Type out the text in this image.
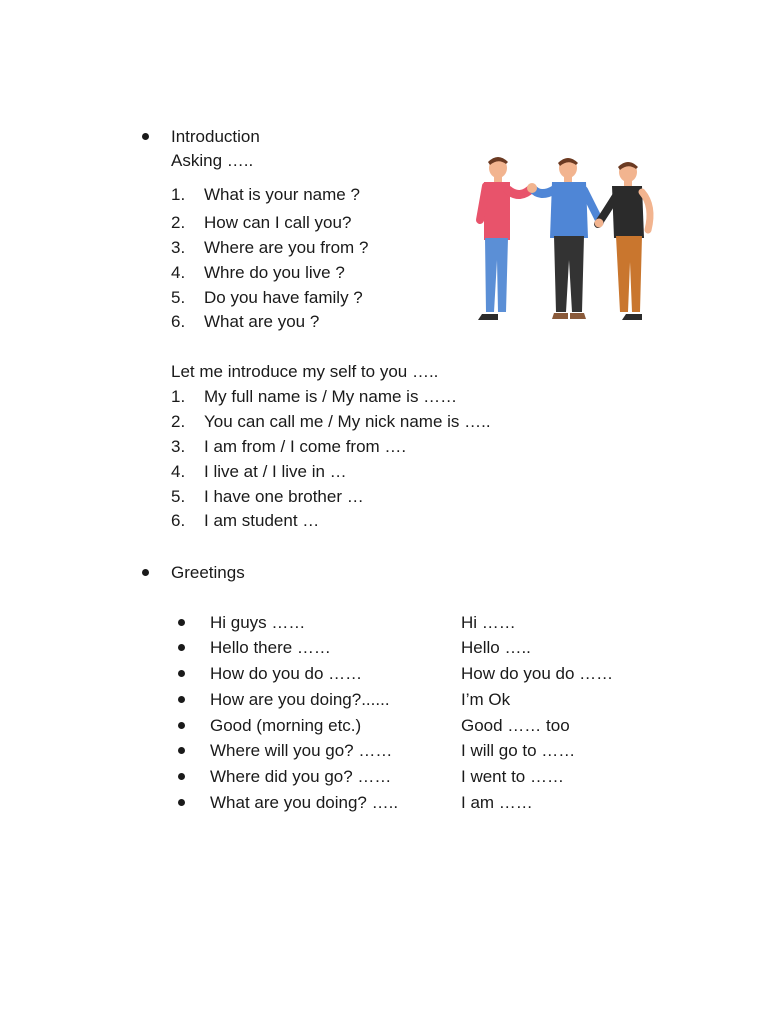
Introduction
Asking …..
1. What is your name ?
2. How can I call you?
3. Where are you from ?
4. Whre do you live ?
5. Do you have family ?
6. What are you ?
Let me introduce my self to you …..
1. My full name is / My name is ……
2. You can call me / My nick name is …..
3. I am from / I come from ….
4. I live at / I live in …
5. I have one brother …
6. I am student …
Greetings
Hi guys ……	Hi ……
Hello there ……	Hello …..
How do you do ……	How do you do ……
How are you doing?......	I’m Ok
Good (morning etc.)	Good …… too
Where will you go? ……	I will go to ……
Where did you go? ……	I went to ……
What are you doing? …..	I am ……
